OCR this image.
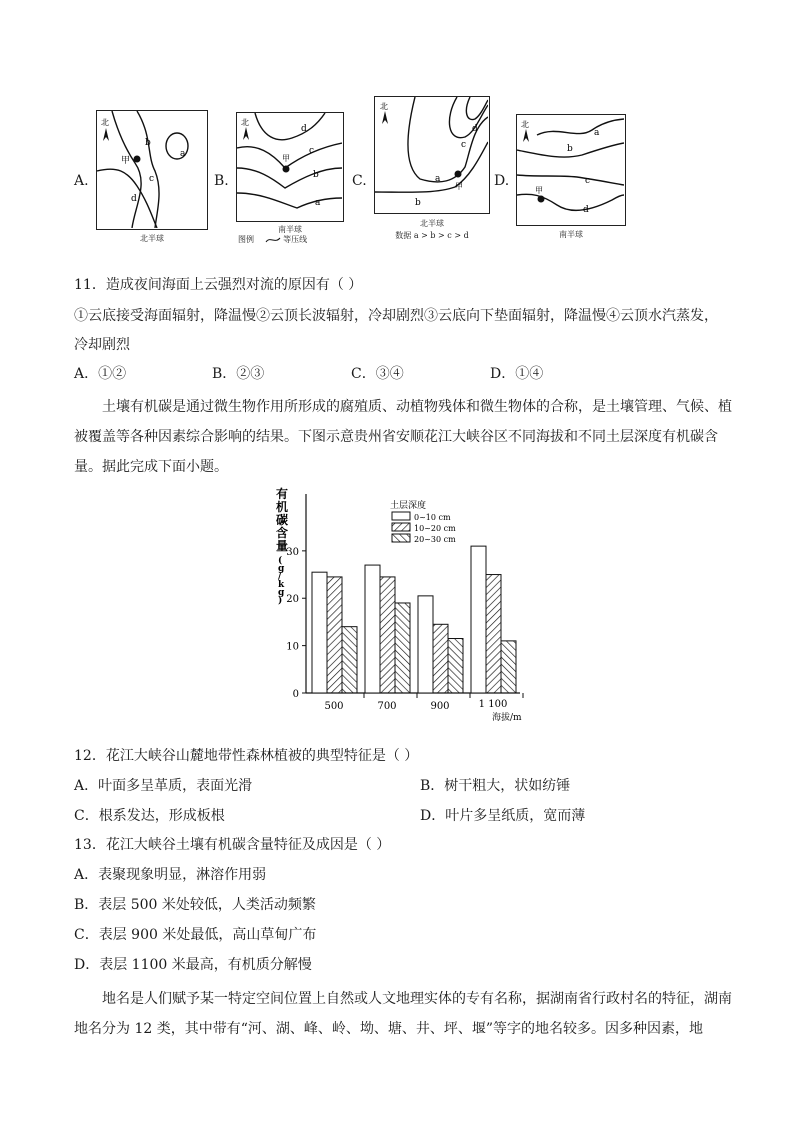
A.
北
甲
a
b
c
d
北半球
B.
北
甲
d
c
b
a
南半球
图例	等压线
C.
北
甲
d
c
a
b
北半球
数据 a > b > c > d
D.
北
甲
a
b
c
d
南半球
11．造成夜间海面上云强烈对流的原因有（ ）
①云底接受海面辐射，降温慢②云顶长波辐射，冷却剧烈③云底向下垫面辐射，降温慢④云顶水汽蒸发，
冷却剧烈
A．①②	B．②③	C．③④	D．①④
土壤有机碳是通过微生物作用所形成的腐殖质、动植物残体和微生物体的合称，是土壤管理、气候、植被覆盖等各种因素综合影响的结果。下图示意贵州省安顺花江大峡谷区不同海拔和不同土层深度有机碳含量。据此完成下面小题。
有机碳含量( g / k g )
土层深度
0~10 cm
10~20 cm
20~30 cm
海拔/m
0
10
20
30
500	700	900	1 100
12．花江大峡谷山麓地带性森林植被的典型特征是（ ）
A．叶面多呈革质，表面光滑	B．树干粗大，状如纺锤
C．根系发达，形成板根	D．叶片多呈纸质，宽而薄
13．花江大峡谷土壤有机碳含量特征及成因是（ ）
A．表聚现象明显，淋溶作用弱
B．表层 500 米处较低，人类活动频繁
C．表层 900 米处最低，高山草甸广布
D．表层 1100 米最高，有机质分解慢
地名是人们赋予某一特定空间位置上自然或人文地理实体的专有名称，据湖南省行政村名的特征，湖南地名分为 12 类，其中带有“河、湖、峰、岭、坳、塘、井、坪、堰”等字的地名较多。因多种因素，地
